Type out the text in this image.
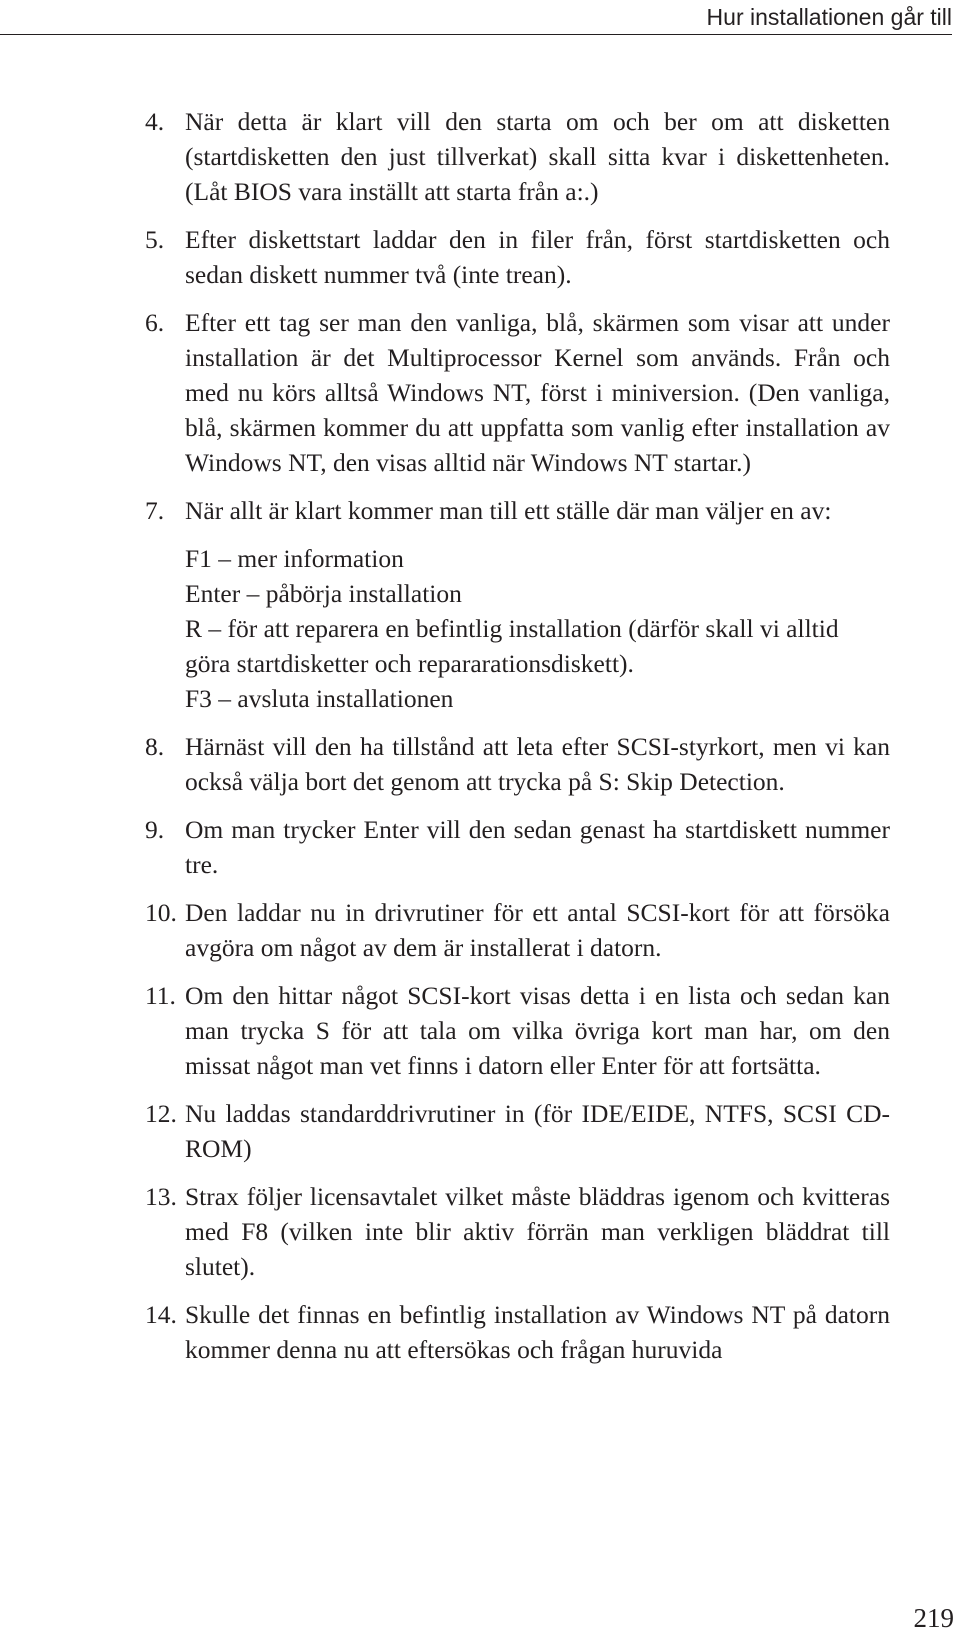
Hur installationen går till
4. När detta är klart vill den starta om och ber om att disketten (startdisketten den just tillverkat) skall sitta kvar i diskettenheten. (Låt BIOS vara inställt att starta från a:.)

5. Efter diskettstart laddar den in filer från, först startdisketten och sedan diskett nummer två (inte trean).

6. Efter ett tag ser man den vanliga, blå, skärmen som visar att under installation är det Multiprocessor Kernel som används. Från och med nu körs alltså Windows NT, först i miniversion. (Den vanliga, blå, skärmen kommer du att uppfatta som vanlig efter installation av Windows NT, den visas alltid när Windows NT startar.)

7. När allt är klart kommer man till ett ställe där man väljer en av:

F1 – mer information
Enter – påbörja installation
R – för att reparera en befintlig installation (därför skall vi alltid göra startdisketter och repararationsdiskett).
F3 – avsluta installationen
8. Härnäst vill den ha tillstånd att leta efter SCSI-styrkort, men vi kan också välja bort det genom att trycka på S: Skip Detection.

9. Om man trycker Enter vill den sedan genast ha startdiskett nummer tre.

10. Den laddar nu in drivrutiner för ett antal SCSI-kort för att försöka avgöra om något av dem är installerat i datorn.

11. Om den hittar något SCSI-kort visas detta i en lista och sedan kan man trycka S för att tala om vilka övriga kort man har, om den missat något man vet finns i datorn eller Enter för att fortsätta.

12. Nu laddas standarddrivrutiner in (för IDE/EIDE, NTFS, SCSI CD-ROM)

13. Strax följer licensavtalet vilket måste bläddras igenom och kvitteras med F8 (vilken inte blir aktiv förrän man verkligen bläddrat till slutet).

14. Skulle det finnas en befintlig installation av Windows NT på datorn kommer denna nu att eftersökas och frågan huruvida

219
